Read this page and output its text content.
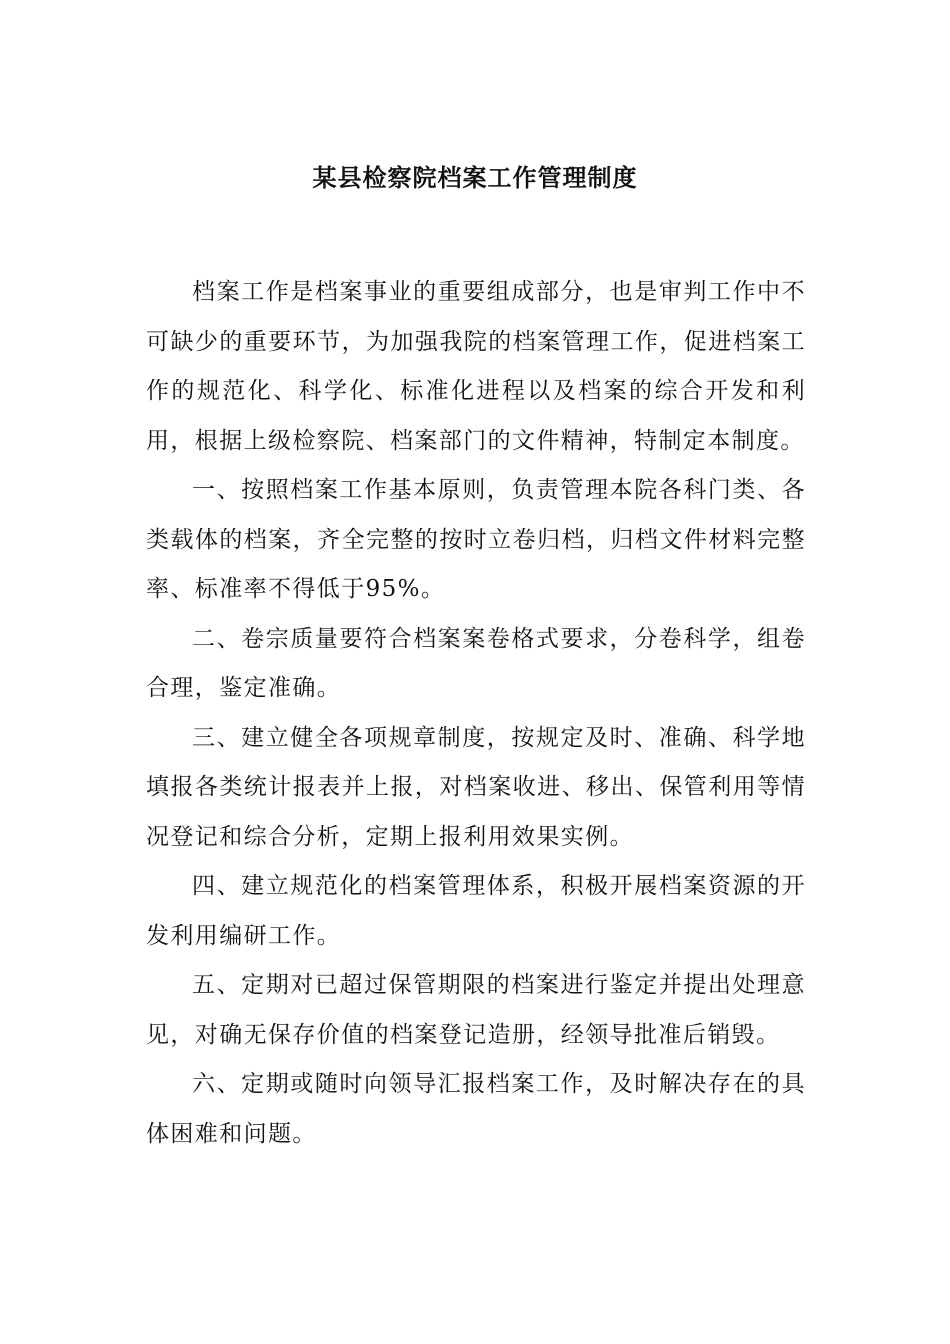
某县检察院档案工作管理制度

档案工作是档案事业的重要组成部分，也是审判工作中不可缺少的重要环节，为加强我院的档案管理工作，促进档案工作的规范化、科学化、标准化进程以及档案的综合开发和利用，根据上级检察院、档案部门的文件精神，特制定本制度。

一、按照档案工作基本原则，负责管理本院各科门类、各类载体的档案，齐全完整的按时立卷归档，归档文件材料完整率、标准率不得低于95%。

二、卷宗质量要符合档案案卷格式要求，分卷科学，组卷合理，鉴定准确。

三、建立健全各项规章制度，按规定及时、准确、科学地填报各类统计报表并上报，对档案收进、移出、保管利用等情况登记和综合分析，定期上报利用效果实例。

四、建立规范化的档案管理体系，积极开展档案资源的开发利用编研工作。

五、定期对已超过保管期限的档案进行鉴定并提出处理意见，对确无保存价值的档案登记造册，经领导批准后销毁。

六、定期或随时向领导汇报档案工作，及时解决存在的具体困难和问题。
